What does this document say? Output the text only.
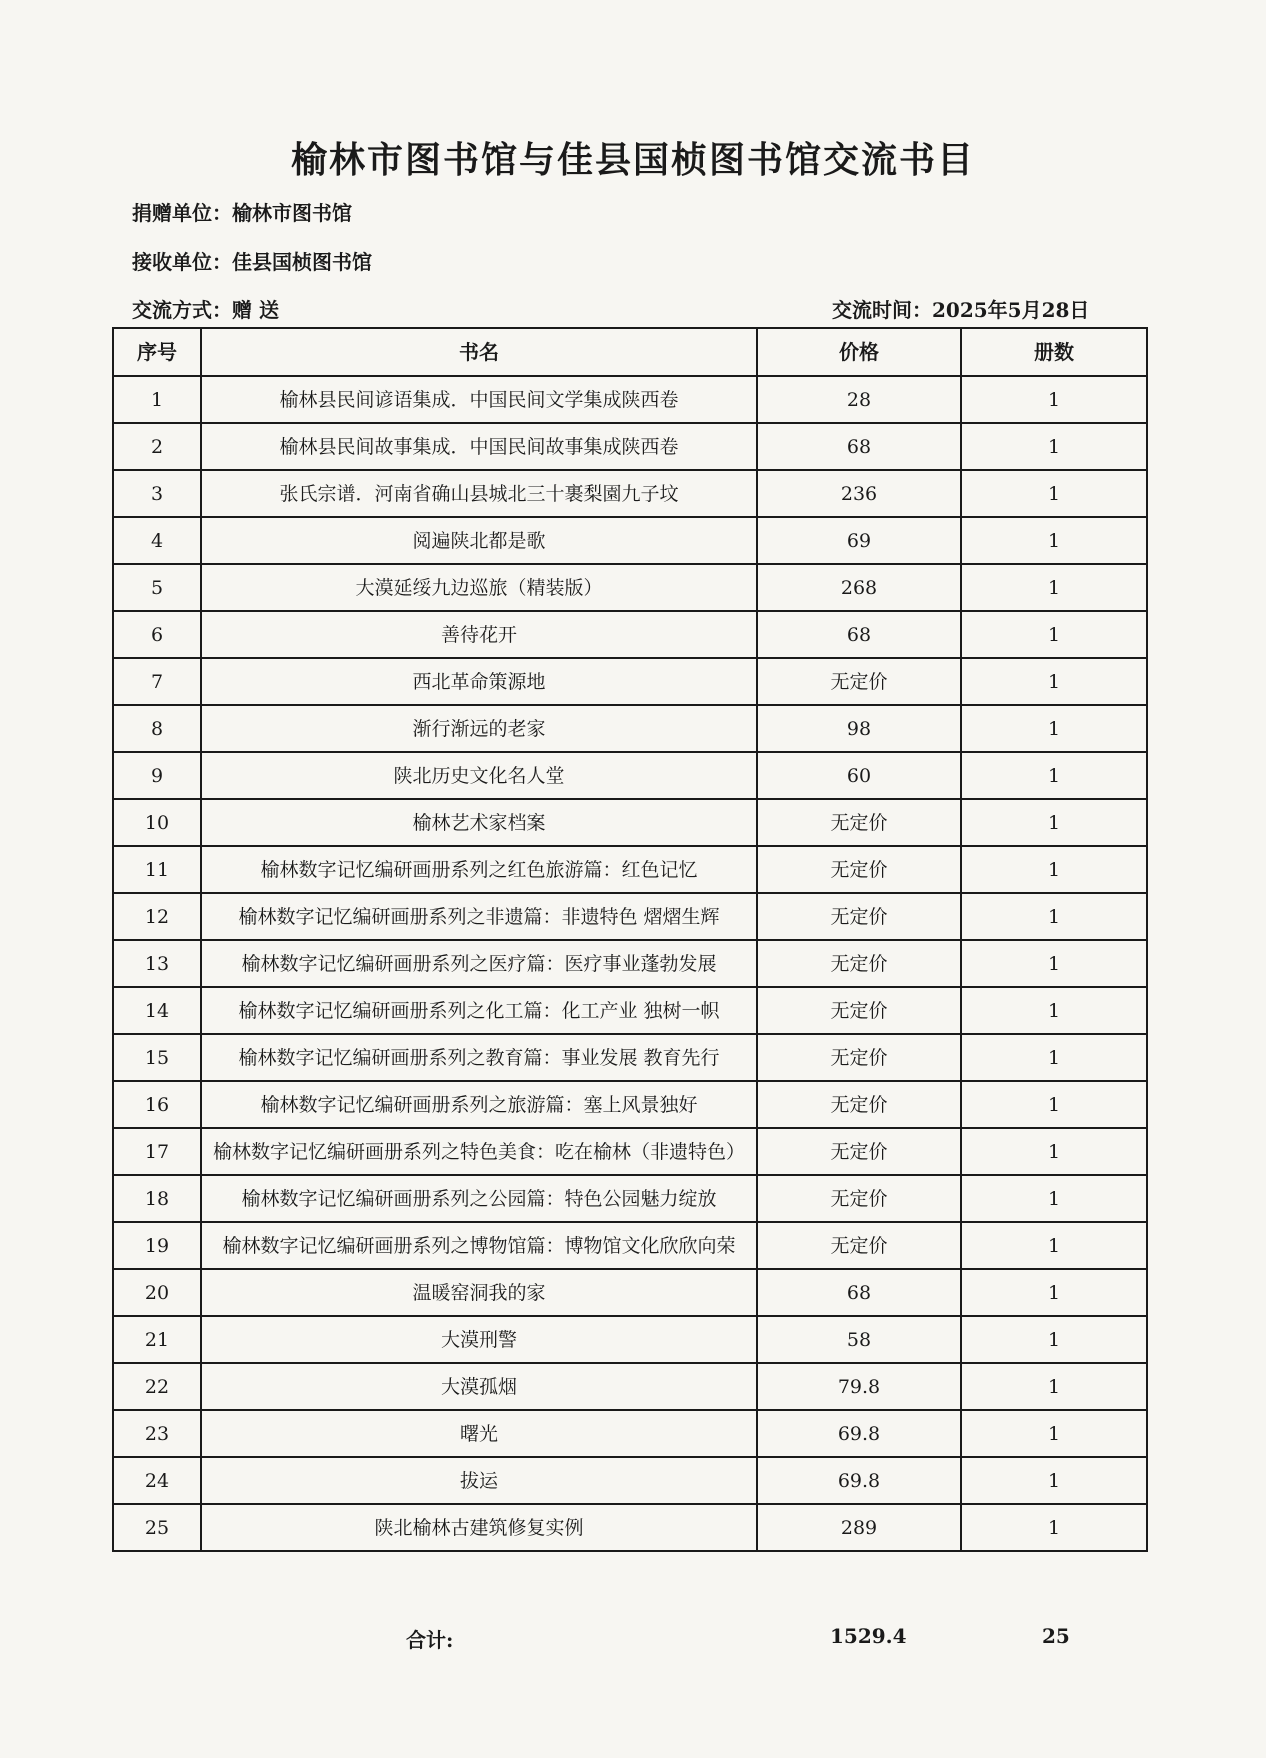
榆林市图书馆与佳县国桢图书馆交流书目
捐赠单位：榆林市图书馆
接收单位：佳县国桢图书馆
交流方式：赠 送	交流时间：2025年5月28日
序号	书名	价格	册数
1	榆林县民间谚语集成．中国民间文学集成陕西卷	28	1
2	榆林县民间故事集成．中国民间故事集成陕西卷	68	1
3	张氏宗谱．河南省确山县城北三十裹梨園九子坟	236	1
4	阅遍陕北都是歌	69	1
5	大漠延绥九边巡旅（精装版）	268	1
6	善待花开	68	1
7	西北革命策源地	无定价	1
8	渐行渐远的老家	98	1
9	陕北历史文化名人堂	60	1
10	榆林艺术家档案	无定价	1
11	榆林数字记忆编研画册系列之红色旅游篇：红色记忆	无定价	1
12	榆林数字记忆编研画册系列之非遗篇：非遗特色 熠熠生辉	无定价	1
13	榆林数字记忆编研画册系列之医疗篇：医疗事业蓬勃发展	无定价	1
14	榆林数字记忆编研画册系列之化工篇：化工产业 独树一帜	无定价	1
15	榆林数字记忆编研画册系列之教育篇：事业发展 教育先行	无定价	1
16	榆林数字记忆编研画册系列之旅游篇：塞上风景独好	无定价	1
17	榆林数字记忆编研画册系列之特色美食：吃在榆林（非遗特色）	无定价	1
18	榆林数字记忆编研画册系列之公园篇：特色公园魅力绽放	无定价	1
19	榆林数字记忆编研画册系列之博物馆篇：博物馆文化欣欣向荣	无定价	1
20	温暖窑洞我的家	68	1
21	大漠刑警	58	1
22	大漠孤烟	79.8	1
23	曙光	69.8	1
24	拔运	69.8	1
25	陕北榆林古建筑修复实例	289	1
合计:	1529.4	25
